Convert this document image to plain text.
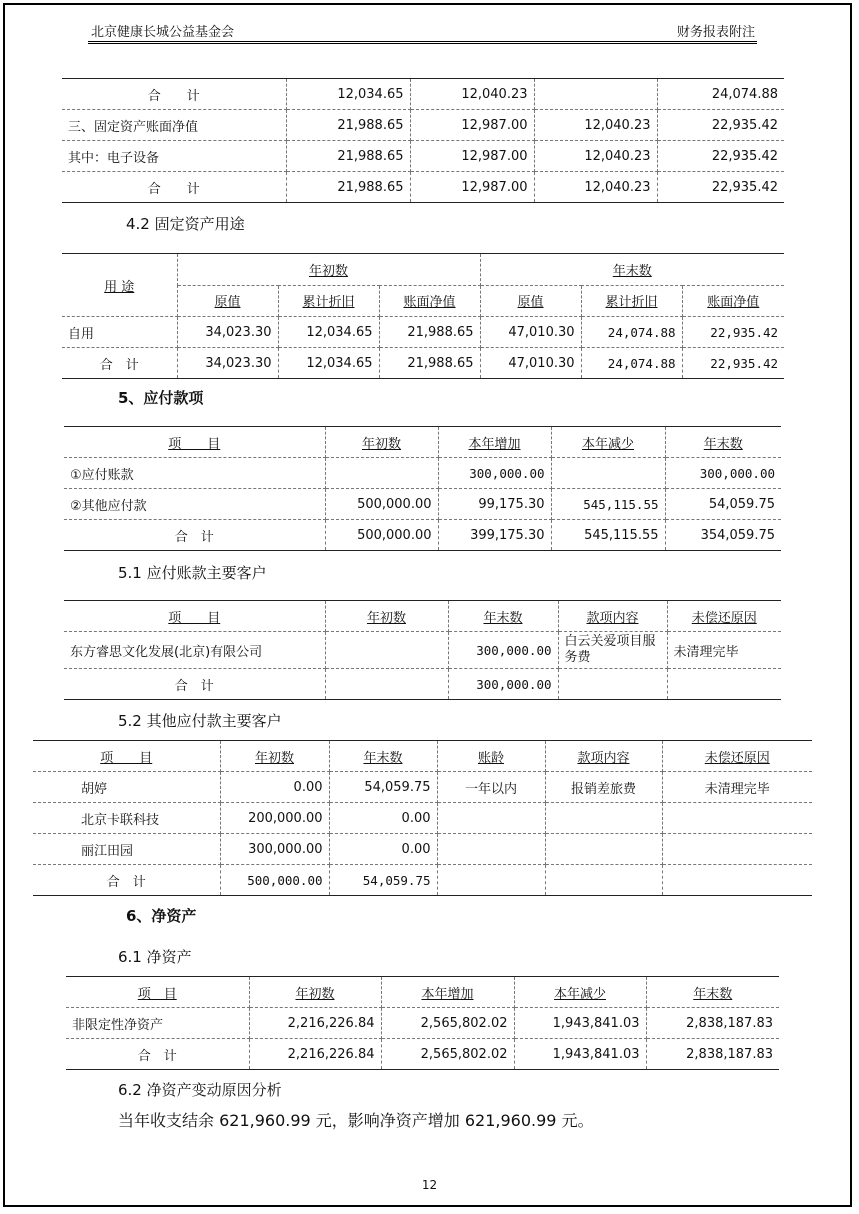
北京健康长城公益基金会	财务报表附注
合　　计	12,034.65	12,040.23		24,074.88
三、固定资产账面净值	21,988.65	12,987.00	12,040.23	22,935.42
其中：电子设备	21,988.65	12,987.00	12,040.23	22,935.42
合　　计	21,988.65	12,987.00	12,040.23	22,935.42
4.2 固定资产用途
用 途	年初数			年末数		
	原值	累计折旧	账面净值	原值	累计折旧	账面净值
自用	34,023.30	12,034.65	21,988.65	47,010.30	24,074.88	22,935.42
合　计	34,023.30	12,034.65	21,988.65	47,010.30	24,074.88	22,935.42
5、应付款项
项　　目	年初数	本年增加	本年减少	年末数
①应付账款		300,000.00		300,000.00
②其他应付款	500,000.00	99,175.30	545,115.55	54,059.75
合　计	500,000.00	399,175.30	545,115.55	354,059.75
5.1 应付账款主要客户
项　　目	年初数	年末数	款项内容	未偿还原因
东方睿思文化发展(北京)有限公司		300,000.00	白云关爱项目服务费	未清理完毕
合　计		300,000.00		
5.2 其他应付款主要客户
项　　目	年初数	年末数	账龄	款项内容	未偿还原因
胡婷	0.00	54,059.75	一年以内	报销差旅费	未清理完毕
北京卡联科技	200,000.00	0.00			
丽江田园	300,000.00	0.00			
合　计	500,000.00	54,059.75			
6、净资产
6.1 净资产
项　目	年初数	本年增加	本年减少	年末数
非限定性净资产	2,216,226.84	2,565,802.02	1,943,841.03	2,838,187.83
合　计	2,216,226.84	2,565,802.02	1,943,841.03	2,838,187.83
6.2 净资产变动原因分析
当年收支结余 621,960.99 元，影响净资产增加 621,960.99 元。
12
